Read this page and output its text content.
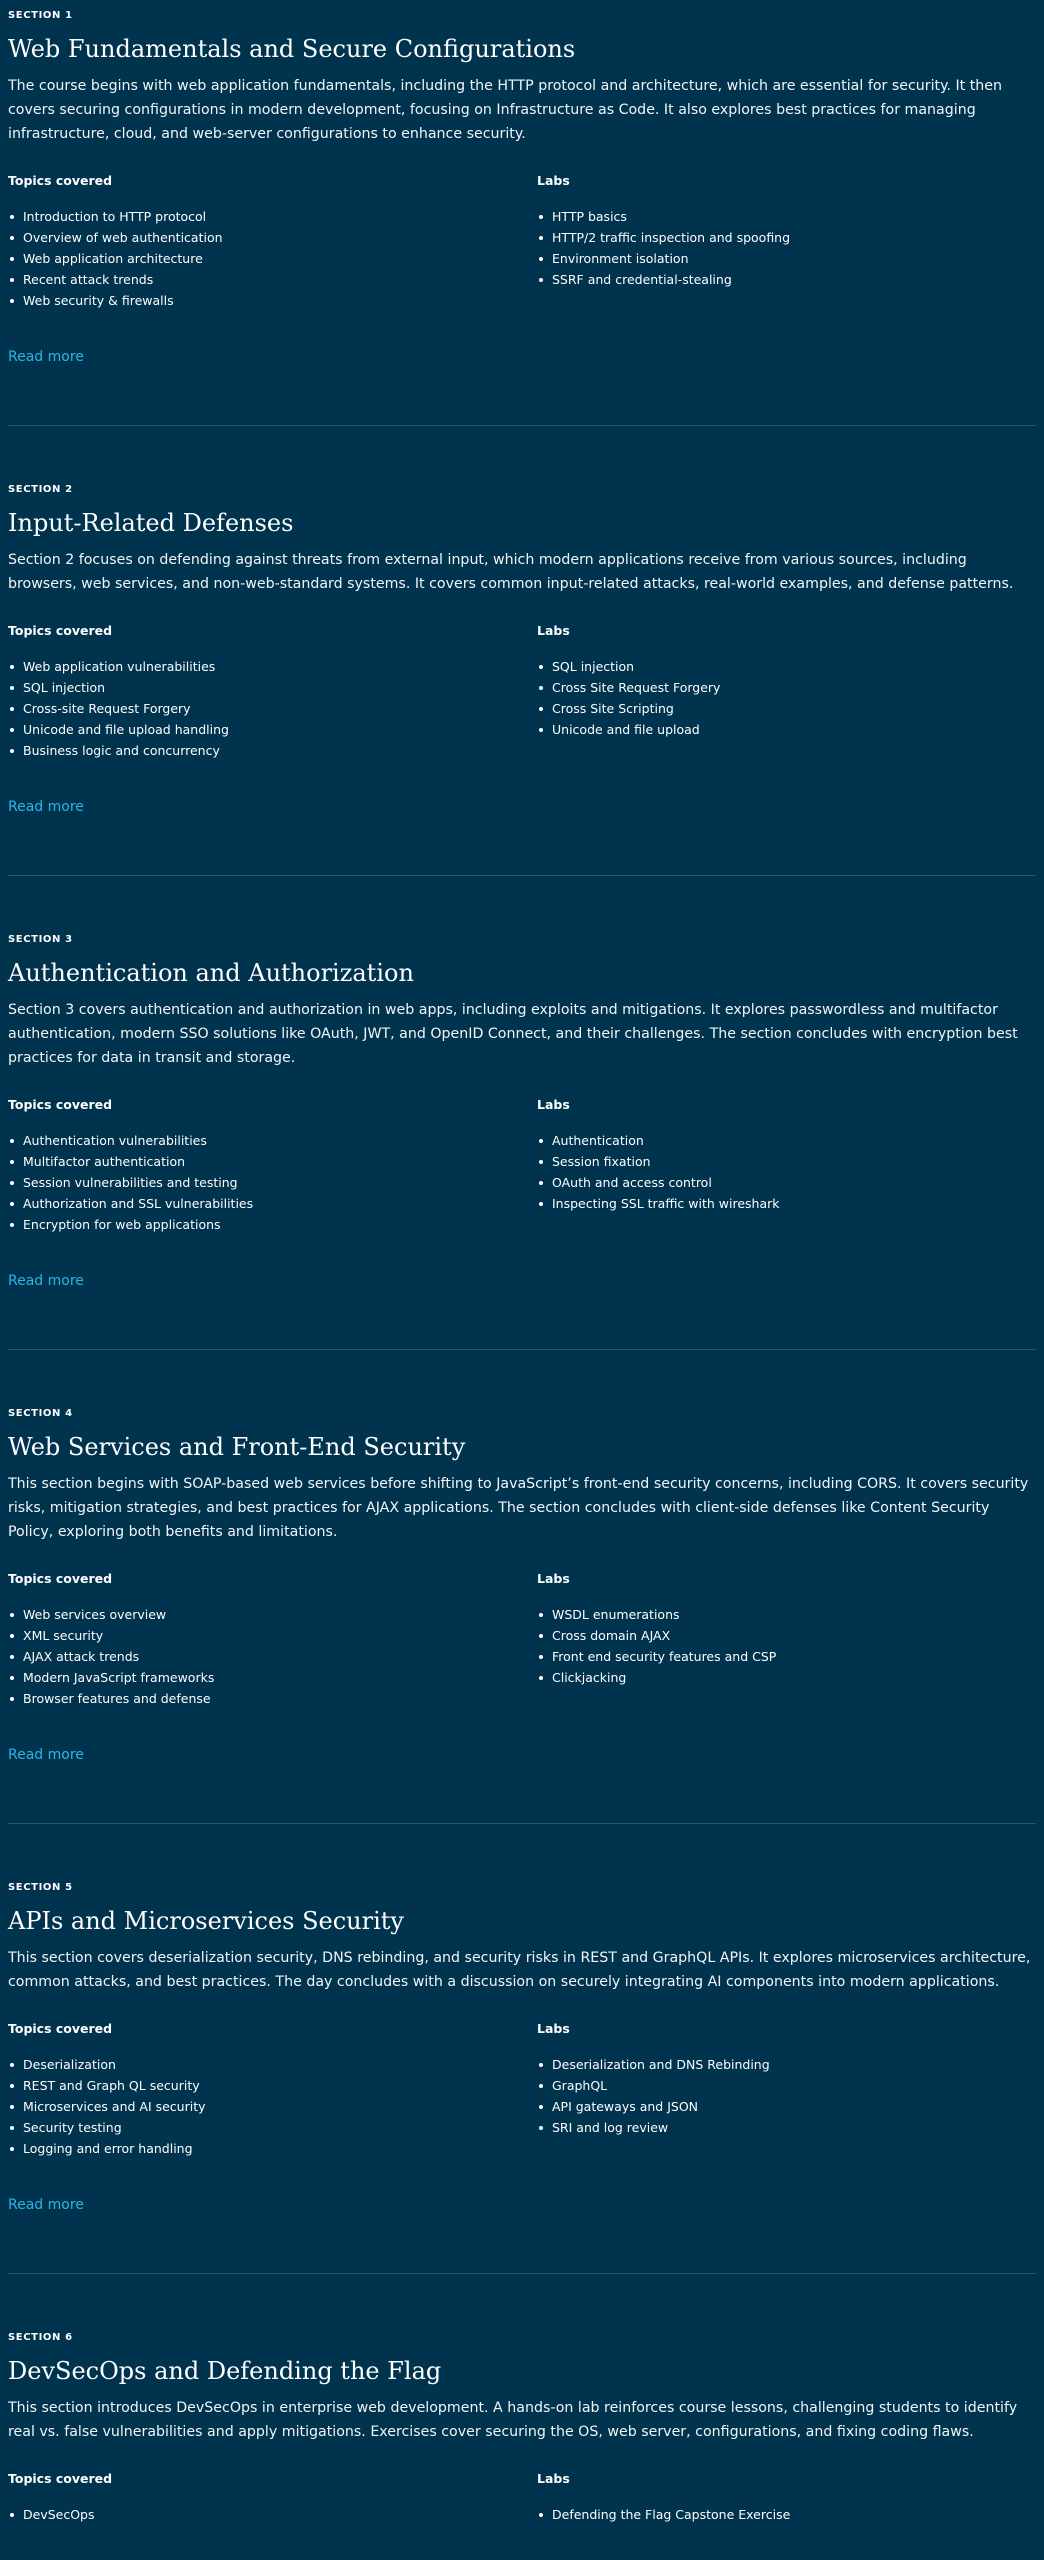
SECTION 1

Web Fundamentals and Secure Configurations

The course begins with web application fundamentals, including the HTTP protocol and architecture, which are essential for security. It then covers securing configurations in modern development, focusing on Infrastructure as Code. It also explores best practices for managing infrastructure, cloud, and web-server configurations to enhance security.

Topics covered
Introduction to HTTP protocol
Overview of web authentication
Web application architecture
Recent attack trends
Web security & firewalls
Labs
HTTP basics
HTTP/2 traffic inspection and spoofing
Environment isolation
SSRF and credential-stealing
Read more

SECTION 2

Input-Related Defenses

Section 2 focuses on defending against threats from external input, which modern applications receive from various sources, including browsers, web services, and non-web-standard systems. It covers common input-related attacks, real-world examples, and defense patterns.

Topics covered
Web application vulnerabilities
SQL injection
Cross-site Request Forgery
Unicode and file upload handling
Business logic and concurrency
Labs
SQL injection
Cross Site Request Forgery
Cross Site Scripting
Unicode and file upload
Read more

SECTION 3

Authentication and Authorization

Section 3 covers authentication and authorization in web apps, including exploits and mitigations. It explores passwordless and multifactor authentication, modern SSO solutions like OAuth, JWT, and OpenID Connect, and their challenges. The section concludes with encryption best practices for data in transit and storage.

Topics covered
Authentication vulnerabilities
Multifactor authentication
Session vulnerabilities and testing
Authorization and SSL vulnerabilities
Encryption for web applications
Labs
Authentication
Session fixation
OAuth and access control
Inspecting SSL traffic with wireshark
Read more

SECTION 4

Web Services and Front-End Security

This section begins with SOAP-based web services before shifting to JavaScript’s front-end security concerns, including CORS. It covers security risks, mitigation strategies, and best practices for AJAX applications. The section concludes with client-side defenses like Content Security Policy, exploring both benefits and limitations.

Topics covered
Web services overview
XML security
AJAX attack trends
Modern JavaScript frameworks
Browser features and defense
Labs
WSDL enumerations
Cross domain AJAX
Front end security features and CSP
Clickjacking
Read more

SECTION 5

APIs and Microservices Security

This section covers deserialization security, DNS rebinding, and security risks in REST and GraphQL APIs. It explores microservices architecture, common attacks, and best practices. The day concludes with a discussion on securely integrating AI components into modern applications.

Topics covered
Deserialization
REST and Graph QL security
Microservices and AI security
Security testing
Logging and error handling
Labs
Deserialization and DNS Rebinding
GraphQL
API gateways and JSON
SRI and log review
Read more

SECTION 6

DevSecOps and Defending the Flag

This section introduces DevSecOps in enterprise web development. A hands-on lab reinforces course lessons, challenging students to identify real vs. false vulnerabilities and apply mitigations. Exercises cover securing the OS, web server, configurations, and fixing coding flaws.

Topics covered
DevSecOps
Labs
Defending the Flag Capstone Exercise
